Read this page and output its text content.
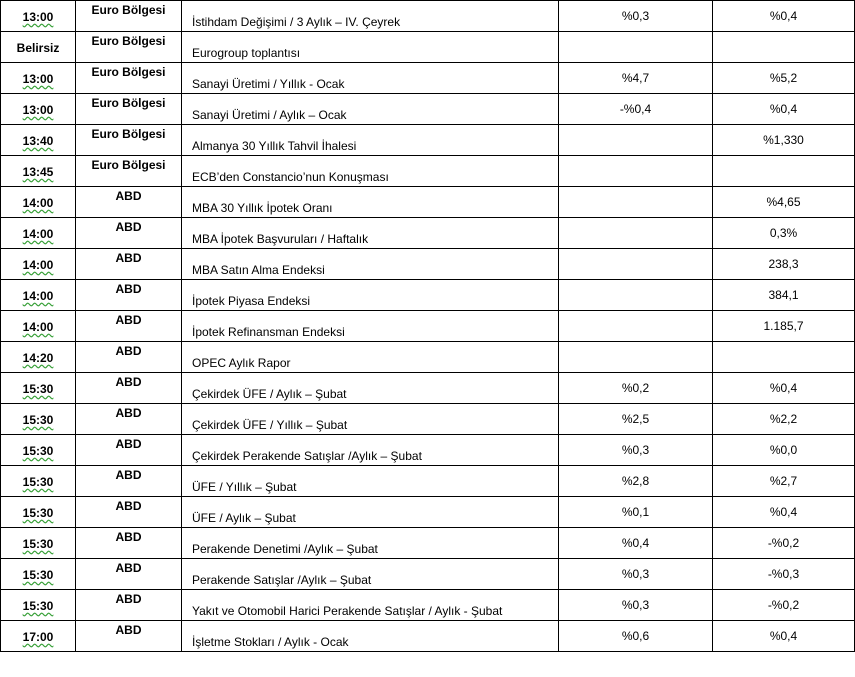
13:00	Euro Bölgesi	İstihdam Değişimi / 3 Aylık – IV. Çeyrek	%0,3	%0,4
Belirsiz	Euro Bölgesi	Eurogroup toplantısı		
13:00	Euro Bölgesi	Sanayi Üretimi / Yıllık - Ocak	%4,7	%5,2
13:00	Euro Bölgesi	Sanayi Üretimi / Aylık – Ocak	-%0,4	%0,4
13:40	Euro Bölgesi	Almanya 30 Yıllık Tahvil İhalesi		%1,330
13:45	Euro Bölgesi	ECB’den Constancio’nun Konuşması		
14:00	ABD	MBA 30 Yıllık İpotek Oranı		%4,65
14:00	ABD	MBA İpotek Başvuruları / Haftalık		0,3%
14:00	ABD	MBA Satın Alma Endeksi		238,3
14:00	ABD	İpotek Piyasa Endeksi		384,1
14:00	ABD	İpotek Refinansman Endeksi		1.185,7
14:20	ABD	OPEC Aylık Rapor		
15:30	ABD	Çekirdek ÜFE / Aylık – Şubat	%0,2	%0,4
15:30	ABD	Çekirdek ÜFE / Yıllık – Şubat	%2,5	%2,2
15:30	ABD	Çekirdek Perakende Satışlar /Aylık – Şubat	%0,3	%0,0
15:30	ABD	ÜFE / Yıllık – Şubat	%2,8	%2,7
15:30	ABD	ÜFE / Aylık – Şubat	%0,1	%0,4
15:30	ABD	Perakende Denetimi /Aylık – Şubat	%0,4	-%0,2
15:30	ABD	Perakende Satışlar /Aylık – Şubat	%0,3	-%0,3
15:30	ABD	Yakıt ve Otomobil Harici Perakende Satışlar / Aylık - Şubat	%0,3	-%0,2
17:00	ABD	İşletme Stokları / Aylık - Ocak	%0,6	%0,4
